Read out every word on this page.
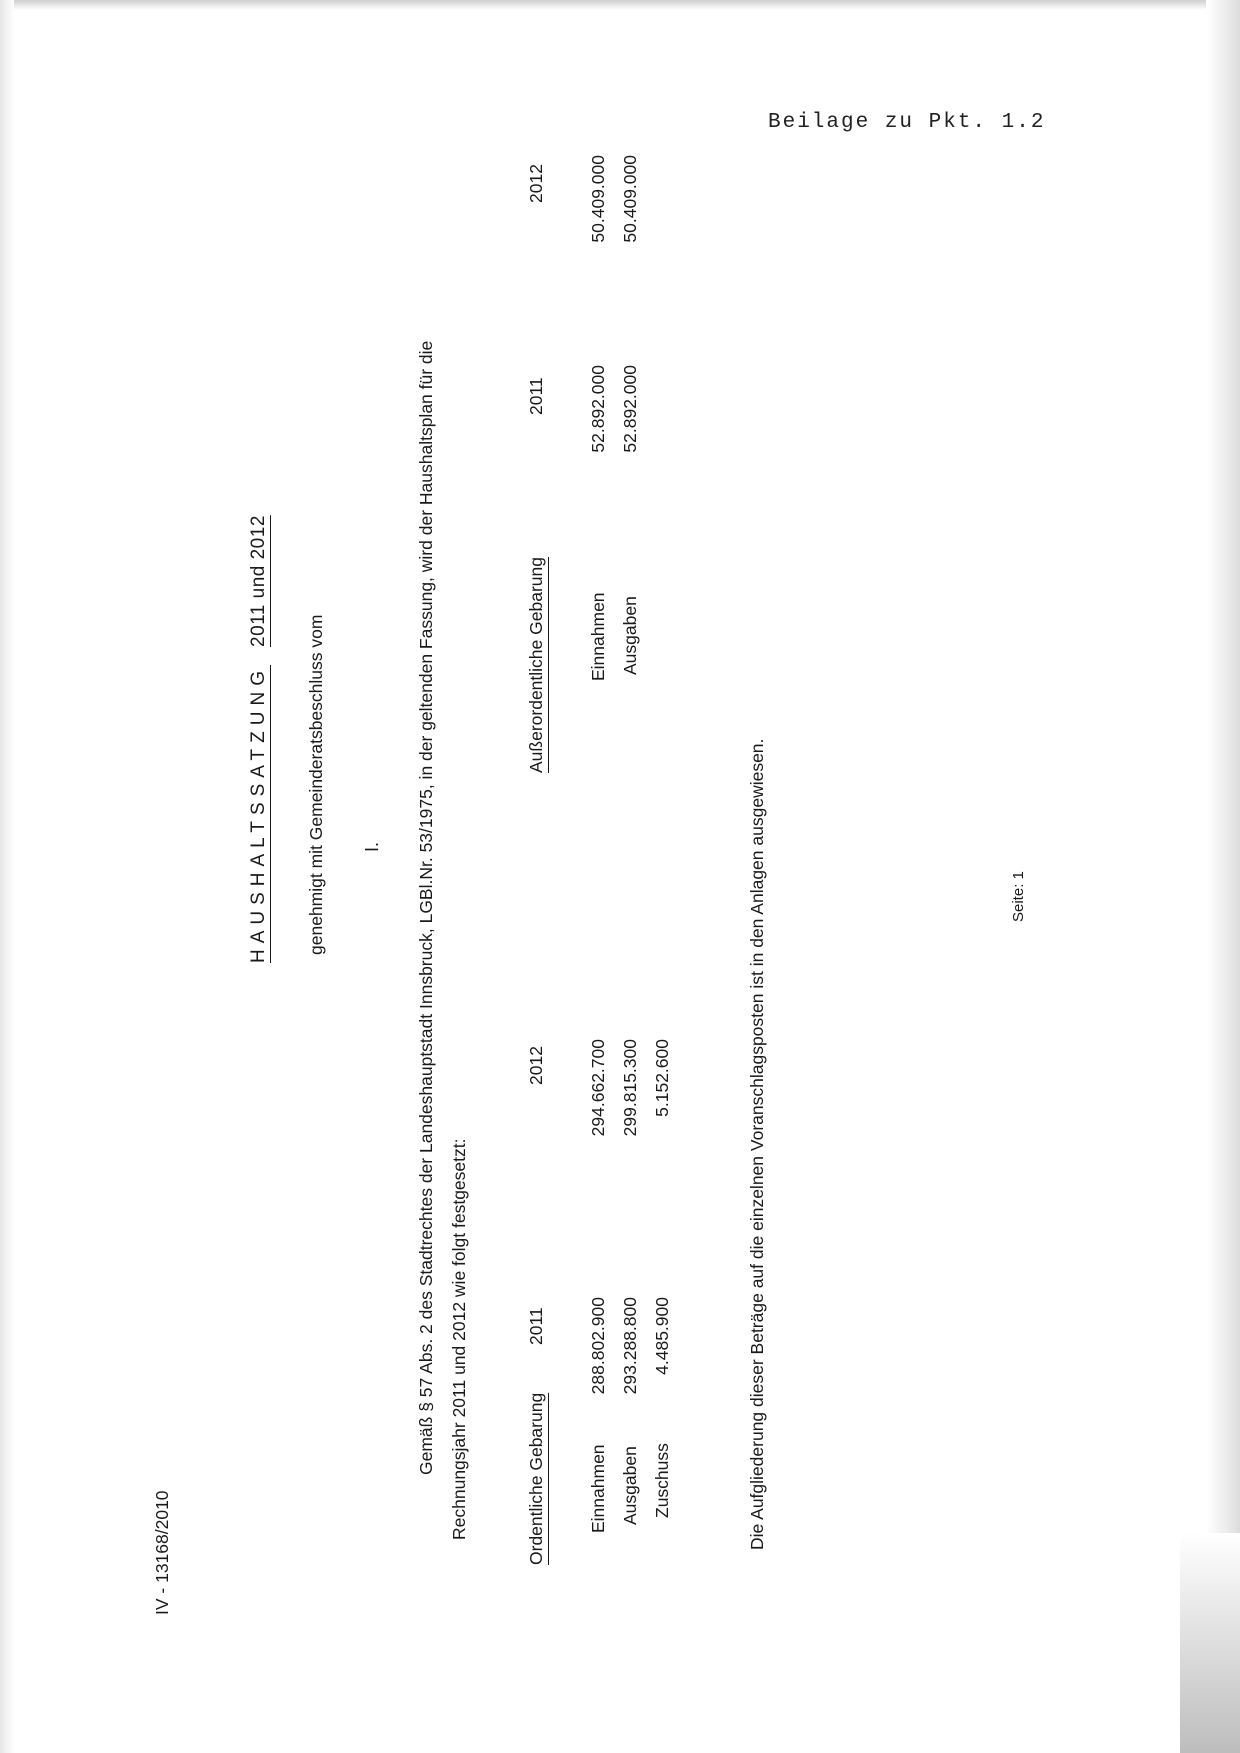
Beilage zu Pkt. 1.2
IV - 13168/2010
HAUSHALTSSATZUNG2011 und 2012
genehmigt mit Gemeinderatsbeschluss vom I. Gemäß § 57 Abs. 2 des Stadtrechtes der Landeshauptstadt Innsbruck, LGBl.Nr. 53/1975, in der geltenden Fassung, wird der Haushaltsplan für die Rechnungsjahr 2011 und 2012 wie folgt festgesetzt:	Ordentliche Gebarung
2011
2012
Einnahmen
288.802.900
294.662.700
Ausgaben
293.288.800
299.815.300
Zuschuss
4.485.900
5.152.600
Außerordentliche Gebarung
2011
2012
Einnahmen
52.892.000
50.409.000
Ausgaben
52.892.000
50.409.000
Die Aufgliederung dieser Beträge auf die einzelnen Voranschlagsposten ist in den Anlagen ausgewiesen.	Seite: 1
